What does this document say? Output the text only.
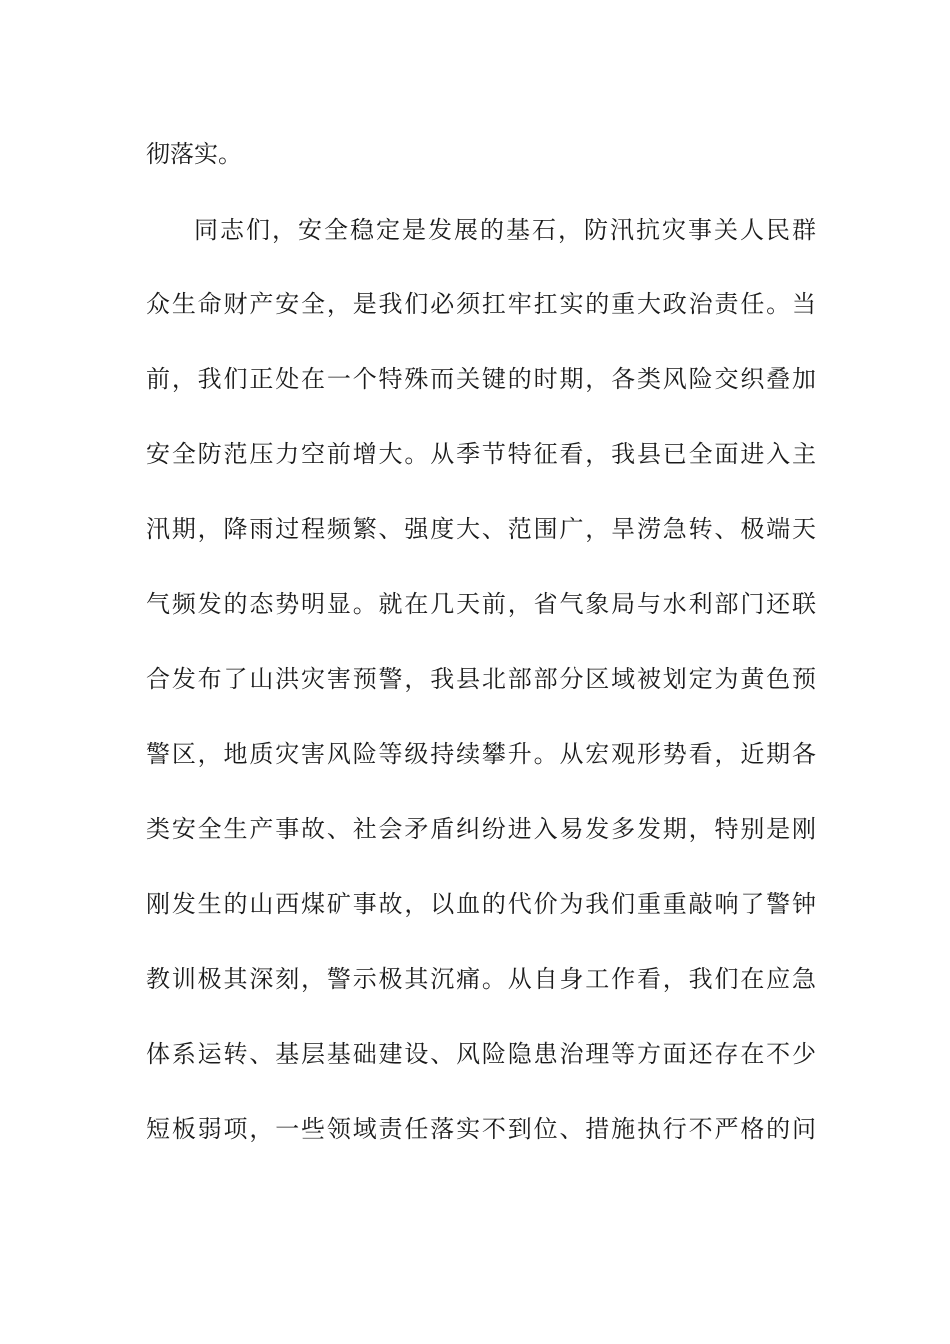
彻落实。
同志们，安全稳定是发展的基石，防汛抗灾事关人民群
众生命财产安全，是我们必须扛牢扛实的重大政治责任。当
前，我们正处在一个特殊而关键的时期，各类风险交织叠加
安全防范压力空前增大。从季节特征看，我县已全面进入主
汛期，降雨过程频繁、强度大、范围广，旱涝急转、极端天
气频发的态势明显。就在几天前，省气象局与水利部门还联
合发布了山洪灾害预警，我县北部部分区域被划定为黄色预
警区，地质灾害风险等级持续攀升。从宏观形势看，近期各
类安全生产事故、社会矛盾纠纷进入易发多发期，特别是刚
刚发生的山西煤矿事故，以血的代价为我们重重敲响了警钟
教训极其深刻，警示极其沉痛。从自身工作看，我们在应急
体系运转、基层基础建设、风险隐患治理等方面还存在不少
短板弱项，一些领域责任落实不到位、措施执行不严格的问
